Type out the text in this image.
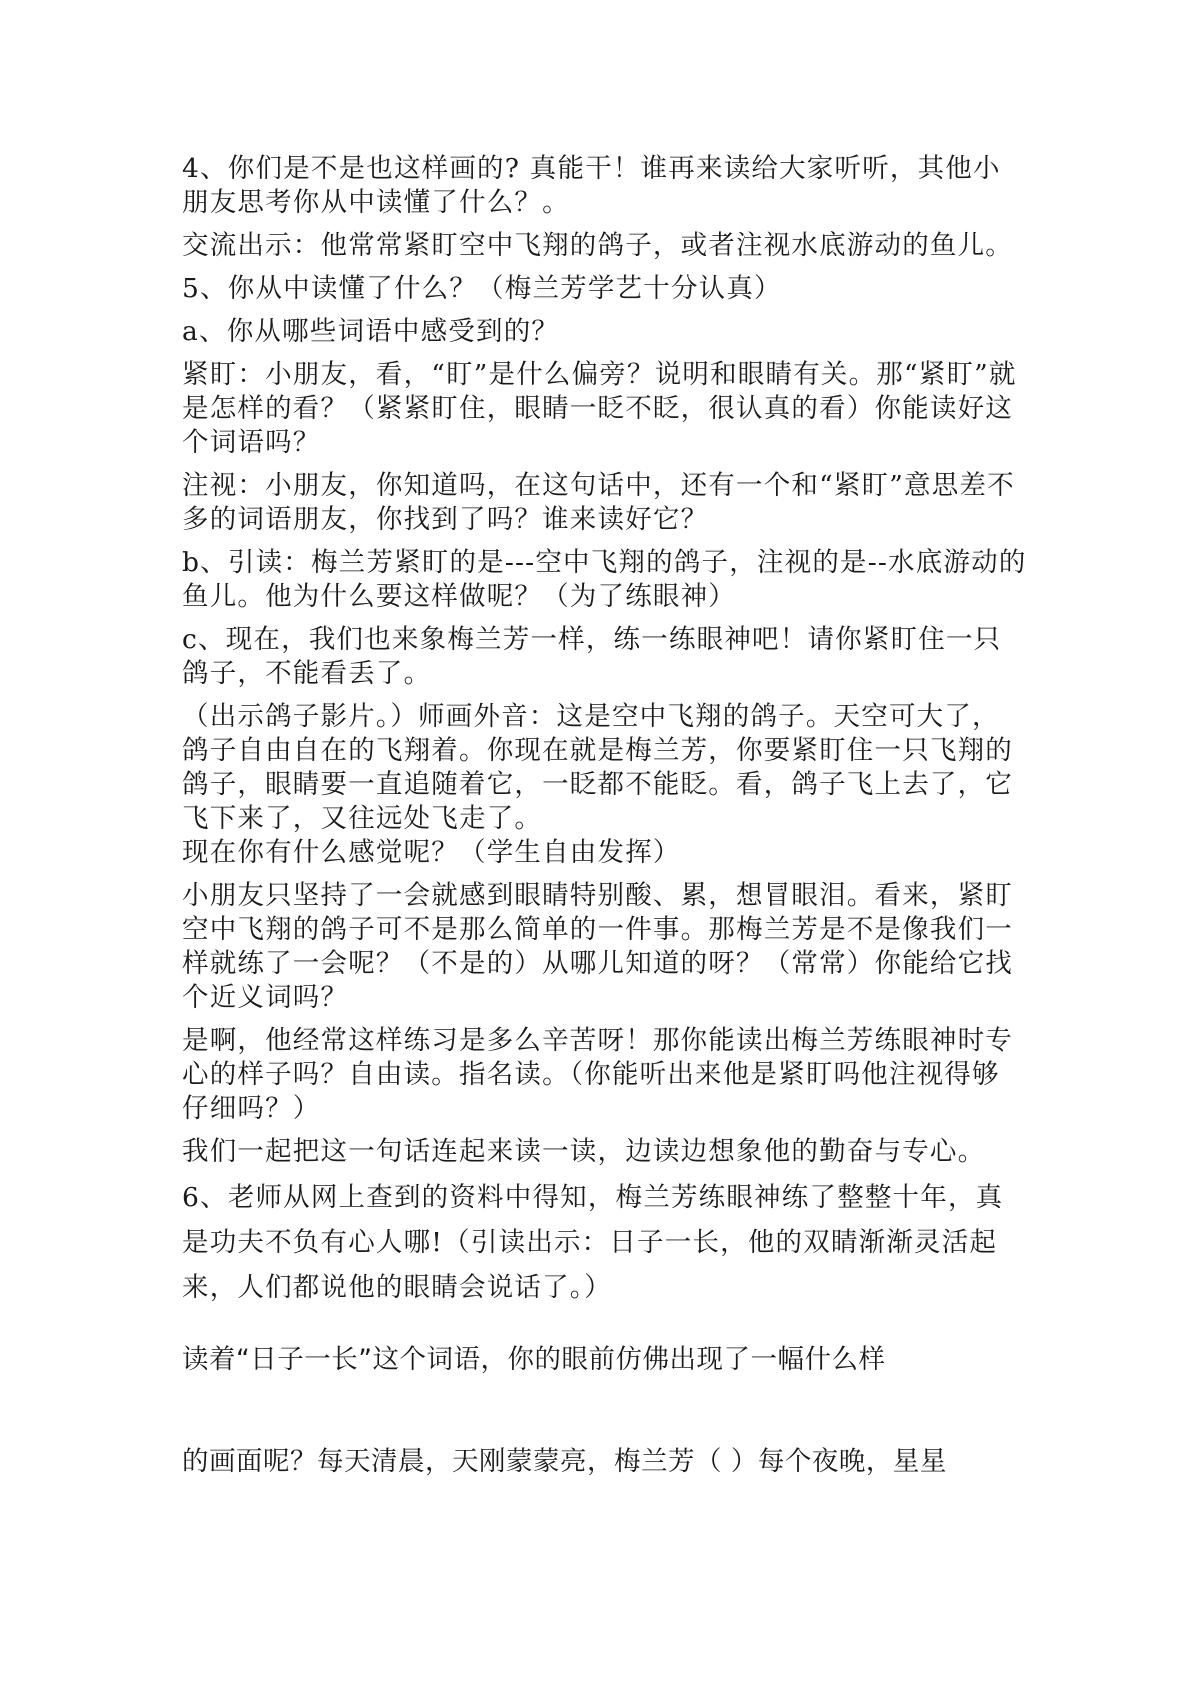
4、你们是不是也这样画的? 真能干！谁再来读给大家听听，其他小朋友思考你从中读懂了什么？。

交流出示：他常常紧盯空中飞翔的鸽子，或者注视水底游动的鱼儿。

5、你从中读懂了什么？（梅兰芳学艺十分认真）

a、你从哪些词语中感受到的？

紧盯：小朋友，看，“盯”是什么偏旁？说明和眼睛有关。那“紧盯”就是怎样的看？（紧紧盯住，眼睛一眨不眨，很认真的看）你能读好这个词语吗？

注视：小朋友，你知道吗，在这句话中，还有一个和“紧盯”意思差不多的词语朋友，你找到了吗？谁来读好它？

b、引读：梅兰芳紧盯的是---空中飞翔的鸽子，注视的是--水底游动的鱼儿。他为什么要这样做呢？（为了练眼神）

c、现在，我们也来象梅兰芳一样，练一练眼神吧！请你紧盯住一只鸽子，不能看丢了。

（出示鸽子影片。）师画外音：这是空中飞翔的鸽子。天空可大了，鸽子自由自在的飞翔着。你现在就是梅兰芳，你要紧盯住一只飞翔的鸽子，眼睛要一直追随着它，一眨都不能眨。看，鸽子飞上去了，它飞下来了，又往远处飞走了。

现在你有什么感觉呢？（学生自由发挥）

小朋友只坚持了一会就感到眼睛特别酸、累，想冒眼泪。看来，紧盯空中飞翔的鸽子可不是那么简单的一件事。那梅兰芳是不是像我们一样就练了一会呢？（不是的）从哪儿知道的呀？（常常）你能给它找个近义词吗？

是啊，他经常这样练习是多么辛苦呀！那你能读出梅兰芳练眼神时专心的样子吗？自由读。指名读。（你能听出来他是紧盯吗他注视得够仔细吗？）

我们一起把这一句话连起来读一读，边读边想象他的勤奋与专心。

6、老师从网上查到的资料中得知，梅兰芳练眼神练了整整十年，真是功夫不负有心人哪!（引读出示：日子一长，他的双睛渐渐灵活起来，人们都说他的眼睛会说话了。）

读着“日子一长”这个词语，你的眼前仿佛出现了一幅什么样

的画面呢？每天清晨，天刚蒙蒙亮，梅兰芳（ ）每个夜晚，星星
